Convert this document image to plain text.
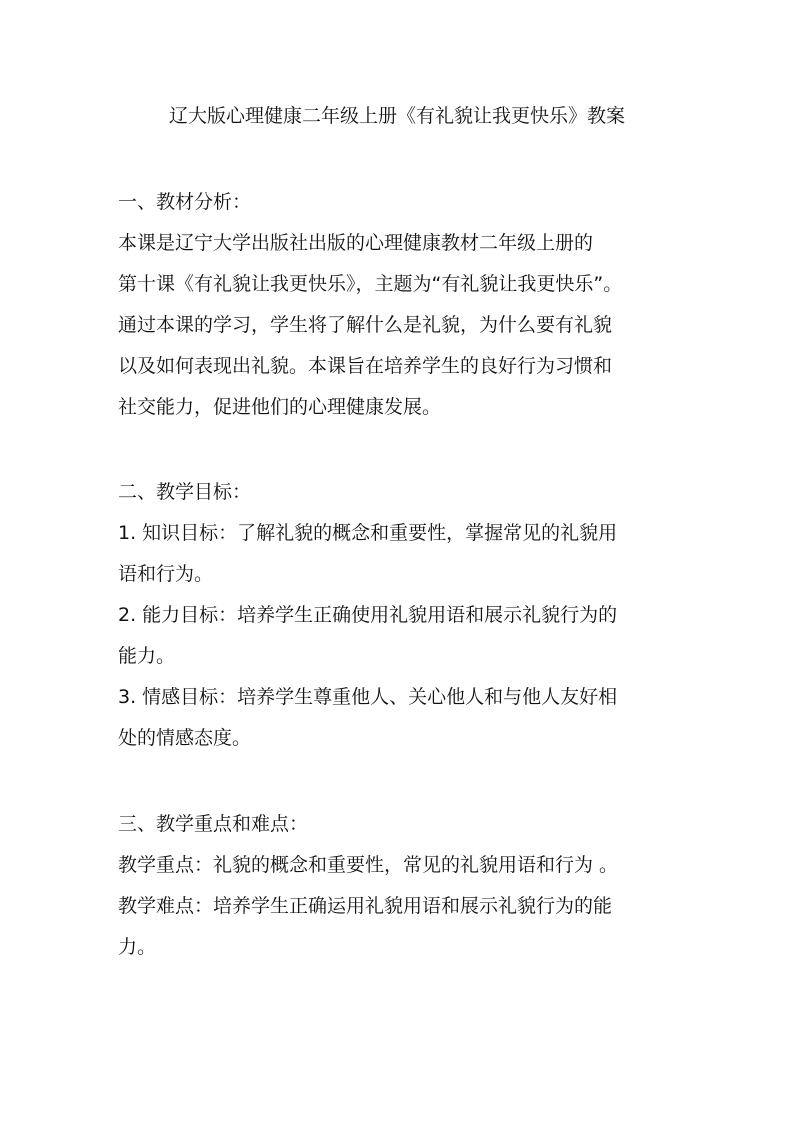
辽大版心理健康二年级上册《有礼貌让我更快乐》教案
一、教材分析：
本课是辽宁大学出版社出版的心理健康教材二年级上册的
第十课《有礼貌让我更快乐》，主题为“有礼貌让我更快乐”。
通过本课的学习，学生将了解什么是礼貌，为什么要有礼貌
以及如何表现出礼貌。本课旨在培养学生的良好行为习惯和
社交能力，促进他们的心理健康发展。
二、教学目标：
1. 知识目标：了解礼貌的概念和重要性，掌握常见的礼貌用
语和行为。
2. 能力目标：培养学生正确使用礼貌用语和展示礼貌行为的
能力。
3. 情感目标：培养学生尊重他人、关心他人和与他人友好相
处的情感态度。
三、教学重点和难点：
教学重点：礼貌的概念和重要性，常见的礼貌用语和行为 。
教学难点：培养学生正确运用礼貌用语和展示礼貌行为的能
力。
